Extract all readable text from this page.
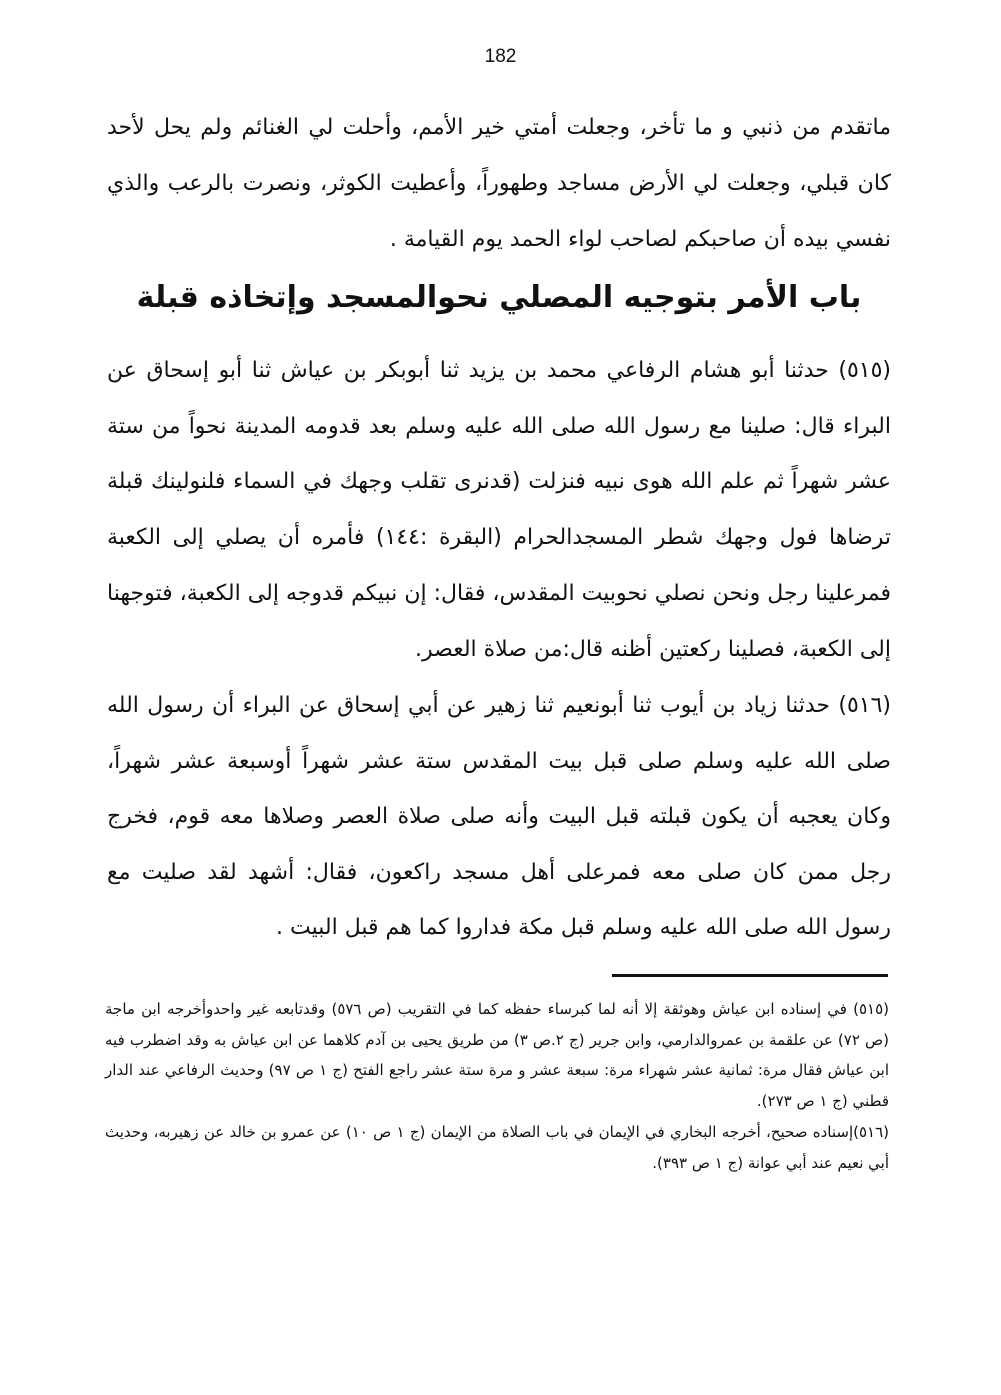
182

ماتقدم من ذنبي و ما تأخر، وجعلت أمتي خير الأمم، وأحلت لي الغنائم ولم يحل لأحد كان قبلي، وجعلت لي الأرض مساجد وطهوراً، وأعطيت الكوثر، ونصرت بالرعب والذي نفسي بيده أن صاحبكم لصاحب لواء الحمد يوم القيامة .

باب الأمر بتوجيه المصلي نحوالمسجد وإتخاذه قبلة

(٥١٥) حدثنا أبو هشام الرفاعي محمد بن يزيد ثنا أبوبكر بن عياش ثنا أبو إسحاق عن البراء قال: صلينا مع رسول الله صلى الله عليه وسلم بعد قدومه المدينة نحواً من ستة عشر شهراً ثم علم الله هوى نبيه فنزلت (قدنرى تقلب وجهك في السماء فلنولينك قبلة ترضاها فول وجهك شطر المسجدالحرام (البقرة :١٤٤) فأمره أن يصلي إلى الكعبة فمرعلينا رجل ونحن نصلي نحوبيت المقدس، فقال: إن نبيكم قدوجه إلى الكعبة، فتوجهنا إلى الكعبة، فصلينا ركعتين أظنه قال:من صلاة العصر.

(٥١٦) حدثنا زياد بن أيوب ثنا أبونعيم ثنا زهير عن أبي إسحاق عن البراء أن رسول الله صلى الله عليه وسلم صلى قبل بيت المقدس ستة عشر شهراً أوسبعة عشر شهراً، وكان يعجبه أن يكون قبلته قبل البيت وأنه صلى صلاة العصر وصلاها معه قوم، فخرج رجل ممن كان صلى معه فمرعلى أهل مسجد راكعون، فقال: أشهد لقد صليت مع رسول الله صلى الله عليه وسلم قبل مكة فداروا كما هم قبل البيت .

(٥١٥) في إسناده ابن عياش وهوثقة إلا أنه لما كبرساء حفظه كما في التقريب (ص ٥٧٦) وقدتابعه غير واحدوأخرجه ابن ماجة (ص ٧٢) عن علقمة بن عمروالدارمي، وابن جرير (ج ٢.ص ٣) من طريق يحيى بن آدم كلاهما عن ابن عياش به وقد اضطرب فيه ابن عياش فقال مرة: ثمانية عشر شهراء مرة: سبعة عشر و مرة ستة عشر راجع الفتح (ج ١ ص ٩٧) وحديث الرفاعي عند الدار قطني (ج ١ ص ٢٧٣).

(٥١٦)إسناده صحيح، أخرجه البخاري في الإيمان في باب الصلاة من الإيمان (ج ١ ص ١٠) عن عمرو بن خالد عن زهيربه، وحديث أبي نعيم عند أبي عوانة (ج ١ ص ٣٩٣).
